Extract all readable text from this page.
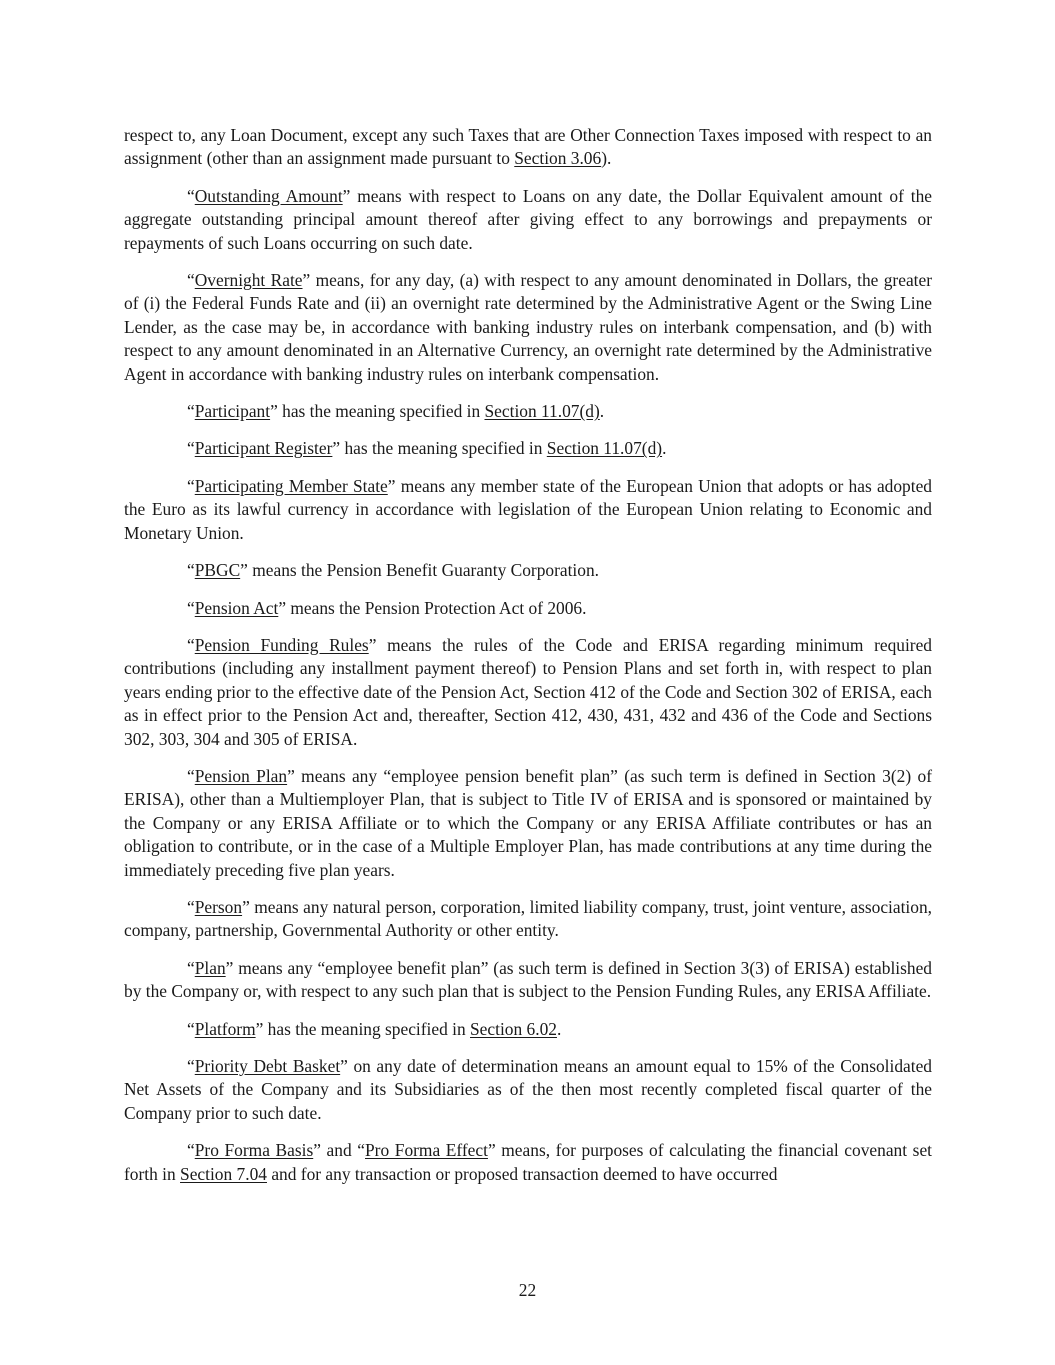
respect to, any Loan Document, except any such Taxes that are Other Connection Taxes imposed with respect to an assignment (other than an assignment made pursuant to Section 3.06).

“Outstanding Amount” means with respect to Loans on any date, the Dollar Equivalent amount of the aggregate outstanding principal amount thereof after giving effect to any borrowings and prepayments or repayments of such Loans occurring on such date.

“Overnight Rate” means, for any day, (a) with respect to any amount denominated in Dollars, the greater of (i) the Federal Funds Rate and (ii) an overnight rate determined by the Administrative Agent or the Swing Line Lender, as the case may be, in accordance with banking industry rules on interbank compensation, and (b) with respect to any amount denominated in an Alternative Currency, an overnight rate determined by the Administrative Agent in accordance with banking industry rules on interbank compensation.

“Participant” has the meaning specified in Section 11.07(d).

“Participant Register” has the meaning specified in Section 11.07(d).

“Participating Member State” means any member state of the European Union that adopts or has adopted the Euro as its lawful currency in accordance with legislation of the European Union relating to Economic and Monetary Union.

“PBGC” means the Pension Benefit Guaranty Corporation.

“Pension Act” means the Pension Protection Act of 2006.

“Pension Funding Rules” means the rules of the Code and ERISA regarding minimum required contributions (including any installment payment thereof) to Pension Plans and set forth in, with respect to plan years ending prior to the effective date of the Pension Act, Section 412 of the Code and Section 302 of ERISA, each as in effect prior to the Pension Act and, thereafter, Section 412, 430, 431, 432 and 436 of the Code and Sections 302, 303, 304 and 305 of ERISA.

“Pension Plan” means any “employee pension benefit plan” (as such term is defined in Section 3(2) of ERISA), other than a Multiemployer Plan, that is subject to Title IV of ERISA and is sponsored or maintained by the Company or any ERISA Affiliate or to which the Company or any ERISA Affiliate contributes or has an obligation to contribute, or in the case of a Multiple Employer Plan, has made contributions at any time during the immediately preceding five plan years.

“Person” means any natural person, corporation, limited liability company, trust, joint venture, association, company, partnership, Governmental Authority or other entity.

“Plan” means any “employee benefit plan” (as such term is defined in Section 3(3) of ERISA) established by the Company or, with respect to any such plan that is subject to the Pension Funding Rules, any ERISA Affiliate.

“Platform” has the meaning specified in Section 6.02.

“Priority Debt Basket” on any date of determination means an amount equal to 15% of the Consolidated Net Assets of the Company and its Subsidiaries as of the then most recently completed fiscal quarter of the Company prior to such date.

“Pro Forma Basis” and “Pro Forma Effect” means, for purposes of calculating the financial covenant set forth in Section 7.04 and for any transaction or proposed transaction deemed to have occurred

22
